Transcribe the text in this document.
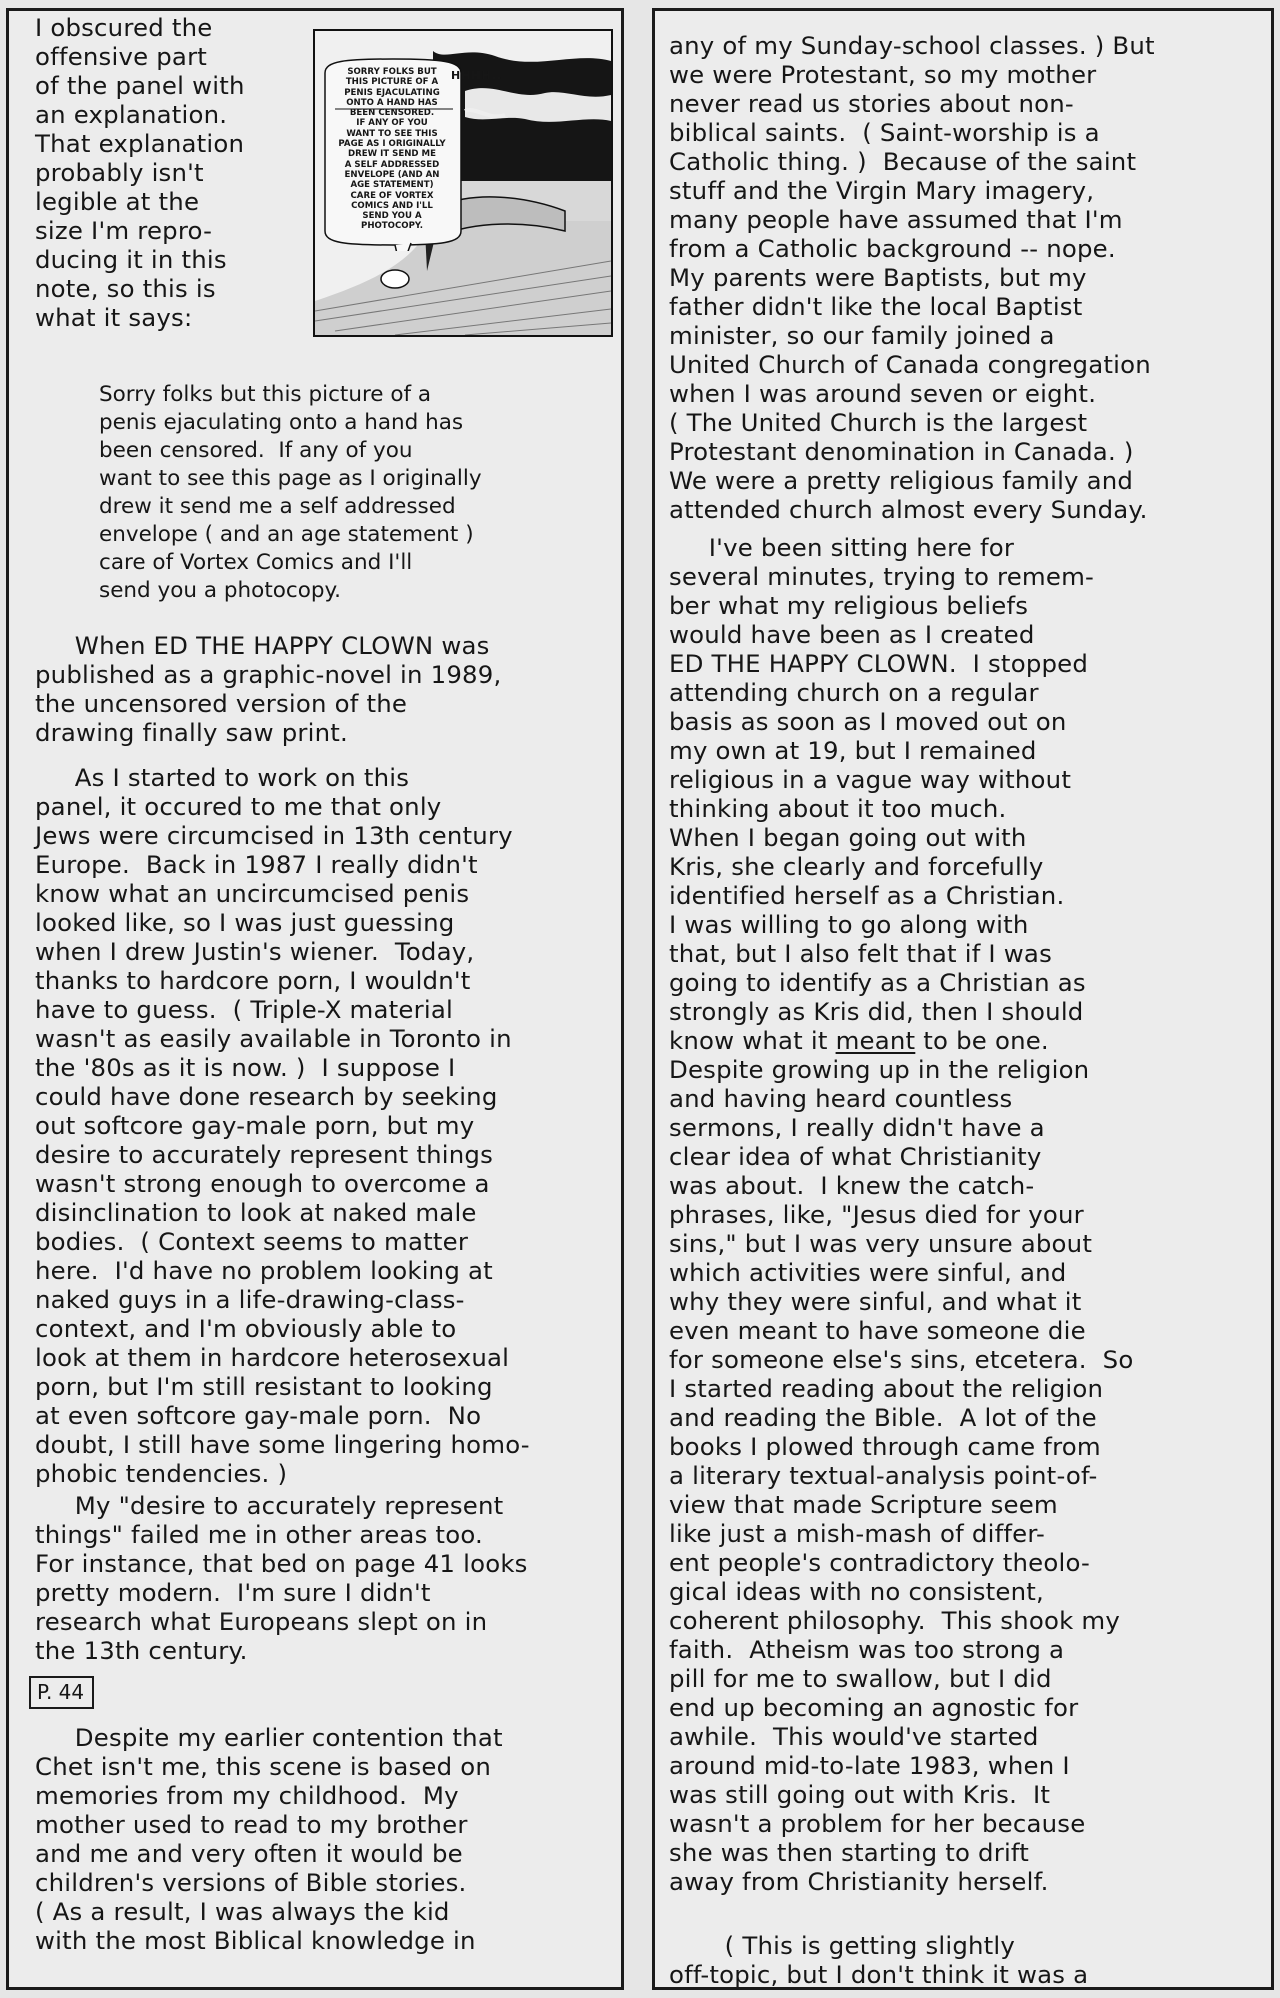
I obscured the
offensive part
of the panel with
an explanation.
That explanation
probably isn't
legible at the
size I'm repro-
ducing it in this
note, so this is
what it says:

SORRY FOLKS BUT
THIS PICTURE OF A
PENIS EJACULATING
ONTO A HAND HAS
BEEN CENSORED.
IF ANY OF YOU
WANT TO SEE THIS
PAGE AS I ORIGINALLY
DREW IT SEND ME
A SELF ADDRESSED
ENVELOPE (AND AN
AGE STATEMENT)
CARE OF VORTEX
COMICS AND I'LL
SEND YOU A
PHOTOCOPY.
HHHH..

Sorry folks but this picture of a
penis ejaculating onto a hand has
been censored.  If any of you
want to see this page as I originally
drew it send me a self addressed
envelope ( and an age statement )
care of Vortex Comics and I'll
send you a photocopy.

When ED THE HAPPY CLOWN was
published as a graphic-novel in 1989,
the uncensored version of the
drawing finally saw print.

As I started to work on this
panel, it occured to me that only
Jews were circumcised in 13th century
Europe.  Back in 1987 I really didn't
know what an uncircumcised penis
looked like, so I was just guessing
when I drew Justin's wiener.  Today,
thanks to hardcore porn, I wouldn't
have to guess.  ( Triple-X material
wasn't as easily available in Toronto in
the '80s as it is now. )  I suppose I
could have done research by seeking
out softcore gay-male porn, but my
desire to accurately represent things
wasn't strong enough to overcome a
disinclination to look at naked male
bodies.  ( Context seems to matter
here.  I'd have no problem looking at
naked guys in a life-drawing-class-
context, and I'm obviously able to
look at them in hardcore heterosexual
porn, but I'm still resistant to looking
at even softcore gay-male porn.  No
doubt, I still have some lingering homo-
phobic tendencies. )

My "desire to accurately represent
things" failed me in other areas too.
For instance, that bed on page 41 looks
pretty modern.  I'm sure I didn't
research what Europeans slept on in
the 13th century.

P. 44

Despite my earlier contention that
Chet isn't me, this scene is based on
memories from my childhood.  My
mother used to read to my brother
and me and very often it would be
children's versions of Bible stories.
( As a result, I was always the kid
with the most Biblical knowledge in

any of my Sunday-school classes. ) But
we were Protestant, so my mother
never read us stories about non-
biblical saints.  ( Saint-worship is a
Catholic thing. )  Because of the saint
stuff and the Virgin Mary imagery,
many people have assumed that I'm
from a Catholic background -- nope.
My parents were Baptists, but my
father didn't like the local Baptist
minister, so our family joined a
United Church of Canada congregation
when I was around seven or eight.
( The United Church is the largest
Protestant denomination in Canada. )
We were a pretty religious family and
attended church almost every Sunday.

I've been sitting here for
several minutes, trying to remem-
ber what my religious beliefs
would have been as I created
ED THE HAPPY CLOWN.  I stopped
attending church on a regular
basis as soon as I moved out on
my own at 19, but I remained
religious in a vague way without
thinking about it too much.
When I began going out with
Kris, she clearly and forcefully
identified herself as a Christian.
I was willing to go along with
that, but I also felt that if I was
going to identify as a Christian as
strongly as Kris did, then I should
know what it meant to be one.
Despite growing up in the religion
and having heard countless
sermons, I really didn't have a
clear idea of what Christianity
was about.  I knew the catch-
phrases, like, "Jesus died for your
sins," but I was very unsure about
which activities were sinful, and
why they were sinful, and what it
even meant to have someone die
for someone else's sins, etcetera.  So
I started reading about the religion
and reading the Bible.  A lot of the
books I plowed through came from
a literary textual-analysis point-of-
view that made Scripture seem
like just a mish-mash of differ-
ent people's contradictory theolo-
gical ideas with no consistent,
coherent philosophy.  This shook my
faith.  Atheism was too strong a
pill for me to swallow, but I did
end up becoming an agnostic for
awhile.  This would've started
around mid-to-late 1983, when I
was still going out with Kris.  It
wasn't a problem for her because
she was then starting to drift
away from Christianity herself.

( This is getting slightly
off-topic, but I don't think it was a
